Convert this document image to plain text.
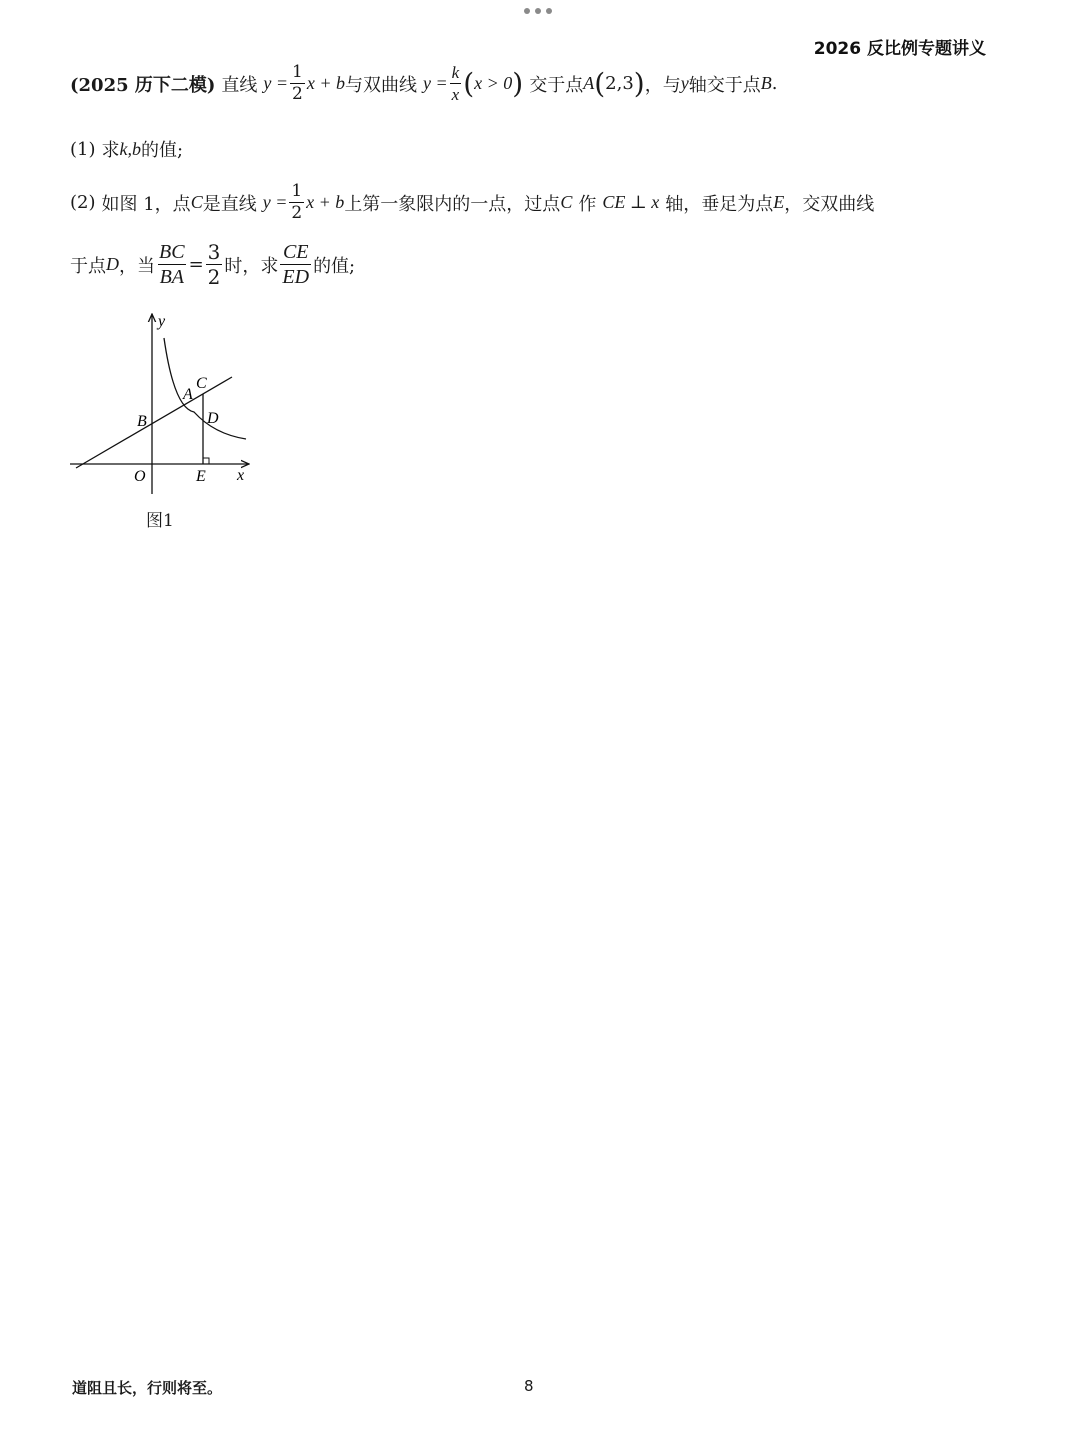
2026 反比例专题讲义
(2025 历下二模) 直线 $y = \frac{1}{2}$ x + b 与双曲线 $y = \frac{k}{x}$ ( x > 0 ) 交于点 A ( 2,3 ) ，与 y 轴交于点 B .
(1) 求 k,b 的值;
(2) 如图 1，点 C 是直线 $y = \frac{1}{2}$ x + b 上第一象限内的一点，过点 C 作 CE ⊥ x 轴，垂足为点 E ，交双曲线
于点 D ，当 $\frac{BC}{BA} = \frac{3}{2}$ 时，求 $\frac{CE}{ED}$ 的值;
y
x
O
B
A
C
D
E
图1
道阻且长，行则将至。	8
